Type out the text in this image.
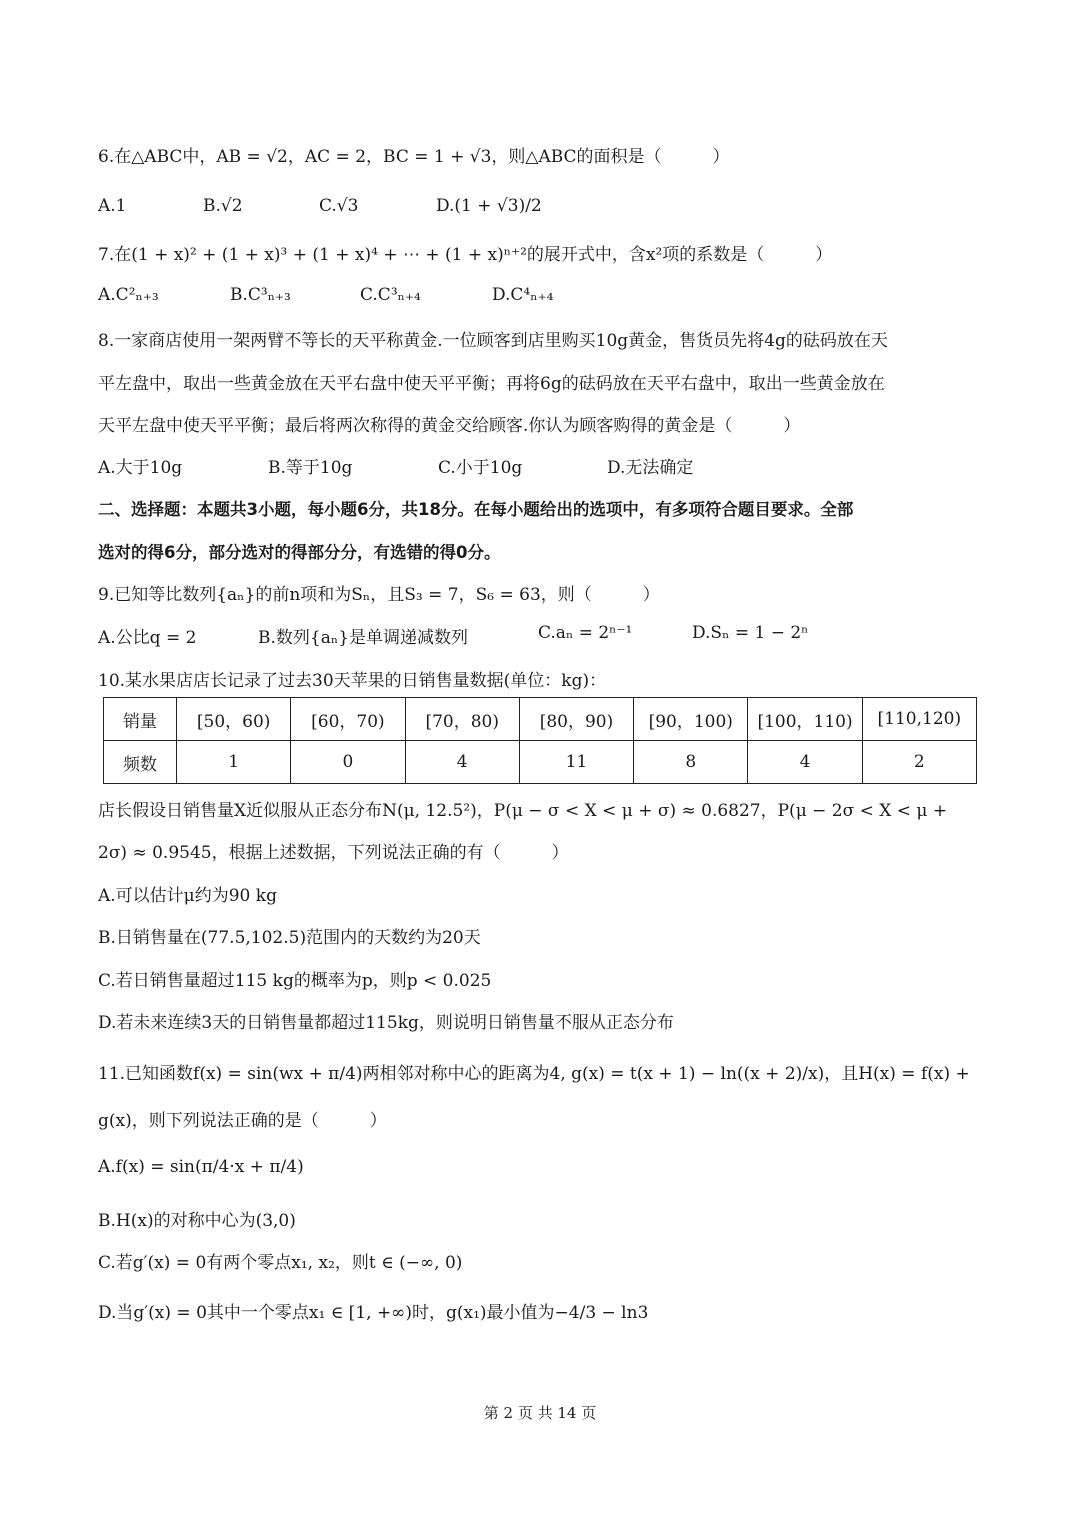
6.在△ABC中，AB = √2，AC = 2，BC = 1 + √3，则△ABC的面积是（　　　）
A.1	B.√2	C.√3	D.(1 + √3)/2
7.在(1 + x)² + (1 + x)³ + (1 + x)⁴ + ⋯ + (1 + x)ⁿ⁺²的展开式中，含x²项的系数是（　　　）
A.C²ₙ₊₃	B.C³ₙ₊₃	C.C³ₙ₊₄	D.C⁴ₙ₊₄
8.一家商店使用一架两臂不等长的天平称黄金.一位顾客到店里购买10g黄金，售货员先将4g的砝码放在天
平左盘中，取出一些黄金放在天平右盘中使天平平衡；再将6g的砝码放在天平右盘中，取出一些黄金放在
天平左盘中使天平平衡；最后将两次称得的黄金交给顾客.你认为顾客购得的黄金是（　　　）
A.大于10g	B.等于10g	C.小于10g	D.无法确定
二、选择题：本题共3小题，每小题6分，共18分。在每小题给出的选项中，有多项符合题目要求。全部
选对的得6分，部分选对的得部分分，有选错的得0分。
9.已知等比数列{aₙ}的前n项和为Sₙ，且S₃ = 7，S₆ = 63，则（　　　）
A.公比q = 2	B.数列{aₙ}是单调递减数列	C.aₙ = 2ⁿ⁻¹	D.Sₙ = 1 − 2ⁿ
10.某水果店店长记录了过去30天苹果的日销售量数据(单位：kg)：
销量	[50，60)	[60，70)	[70，80)	[80，90)	[90，100)	[100，110)	[110,120)
频数	1	0	4	11	8	4	2
店长假设日销售量X近似服从正态分布N(μ, 12.5²)，P(μ − σ < X < μ + σ) ≈ 0.6827，P(μ − 2σ < X < μ +
2σ) ≈ 0.9545，根据上述数据，下列说法正确的有（　　　）
A.可以估计μ约为90 kg
B.日销售量在(77.5,102.5)范围内的天数约为20天
C.若日销售量超过115 kg的概率为p，则p < 0.025
D.若未来连续3天的日销售量都超过115kg，则说明日销售量不服从正态分布
11.已知函数f(x) = sin(wx + π/4)两相邻对称中心的距离为4, g(x) = t(x + 1) − ln((x + 2)/x)，且H(x) = f(x) +
g(x)，则下列说法正确的是（　　　）
A.f(x) = sin(π/4·x + π/4)
B.H(x)的对称中心为(3,0)
C.若g′(x) = 0有两个零点x₁, x₂，则t ∈ (−∞, 0)
D.当g′(x) = 0其中一个零点x₁ ∈ [1, +∞)时，g(x₁)最小值为−4/3 − ln3
第 2 页 共 14 页
